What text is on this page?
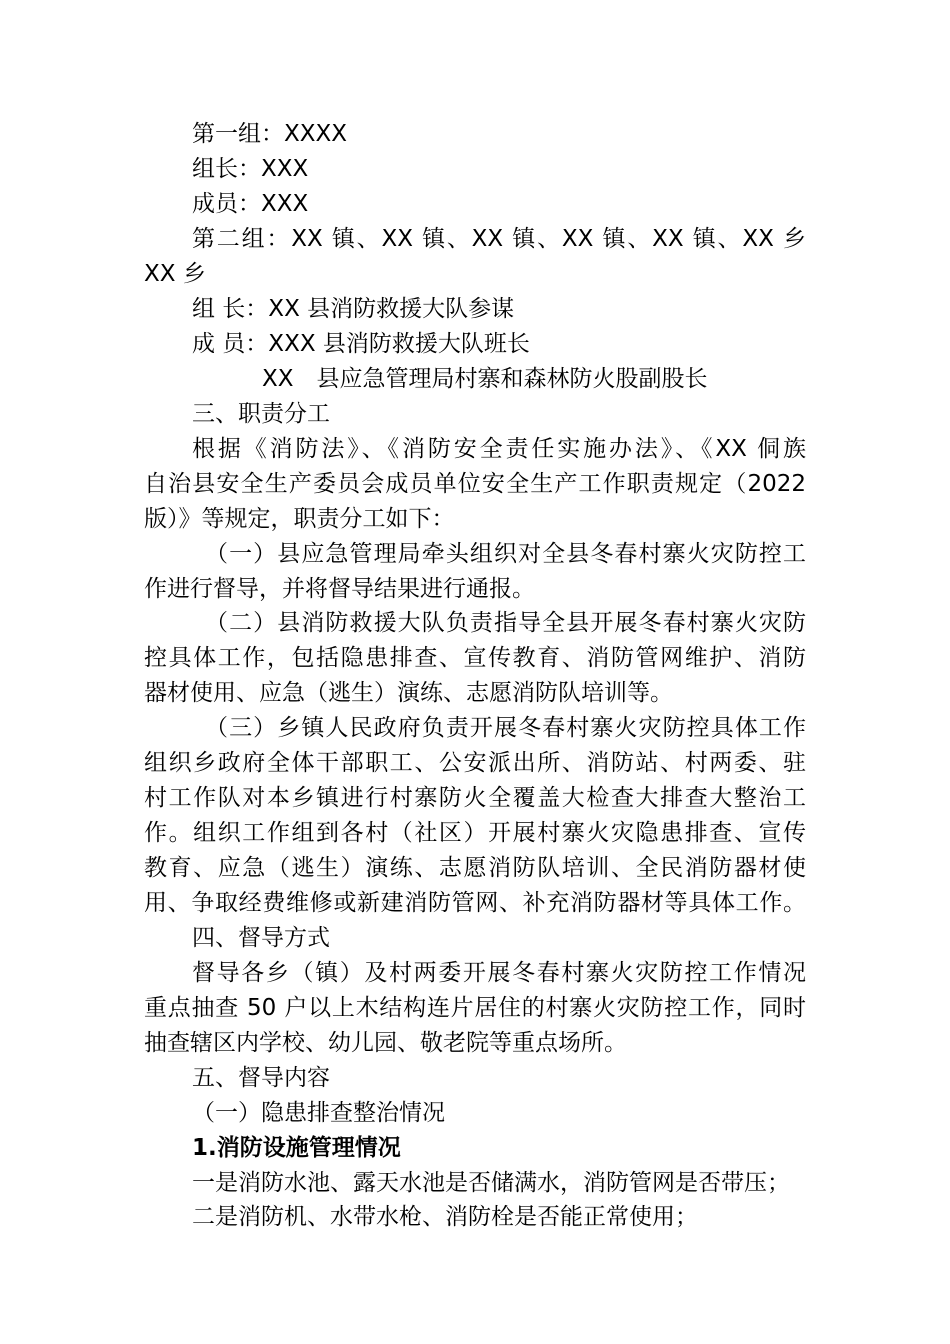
第一组：XXXX
组长：XXX
成员：XXX
第二组：XX 镇、XX 镇、XX 镇、XX 镇、XX 镇、XX 乡
XX 乡
组 长：XX 县消防救援大队参谋
成 员：XXX 县消防救援大队班长
XX　县应急管理局村寨和森林防火股副股长
三、职责分工
根据《消防法》、《消防安全责任实施办法》、《XX 侗族
自治县安全生产委员会成员单位安全生产工作职责规定（2022
版）》等规定，职责分工如下：
（一）县应急管理局牵头组织对全县冬春村寨火灾防控工
作进行督导，并将督导结果进行通报。
（二）县消防救援大队负责指导全县开展冬春村寨火灾防
控具体工作，包括隐患排查、宣传教育、消防管网维护、消防
器材使用、应急（逃生）演练、志愿消防队培训等。
（三）乡镇人民政府负责开展冬春村寨火灾防控具体工作
组织乡政府全体干部职工、公安派出所、消防站、村两委、驻
村工作队对本乡镇进行村寨防火全覆盖大检查大排查大整治工
作。组织工作组到各村（社区）开展村寨火灾隐患排查、宣传
教育、应急（逃生）演练、志愿消防队培训、全民消防器材使
用、争取经费维修或新建消防管网、补充消防器材等具体工作。
四、督导方式
督导各乡（镇）及村两委开展冬春村寨火灾防控工作情况
重点抽查 50 户以上木结构连片居住的村寨火灾防控工作，同时
抽查辖区内学校、幼儿园、敬老院等重点场所。
五、督导内容
（一）隐患排查整治情况
1.消防设施管理情况
一是消防水池、露天水池是否储满水，消防管网是否带压；
二是消防机、水带水枪、消防栓是否能正常使用；
